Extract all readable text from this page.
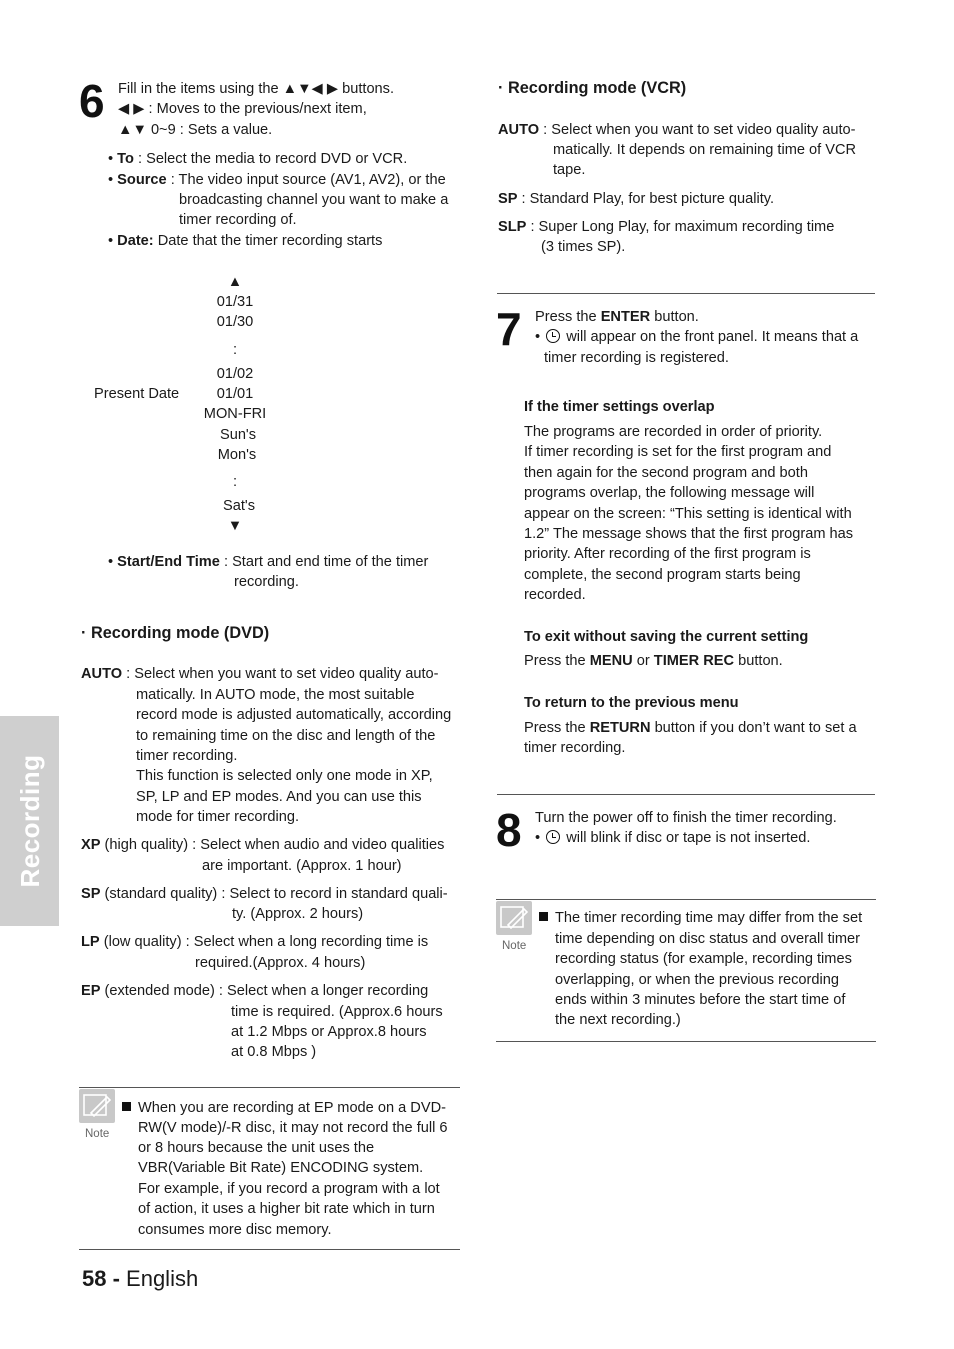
Recording
6 Fill in the items using the ▲▼◀ ▶ buttons.
◀ ▶ : Moves to the previous/next item,
▲▼ 0~9 : Sets a value.
• To : Select the media to record DVD or VCR.
• Source : The video input source (AV1, AV2), or the
broadcasting channel you want to make a
timer recording of.
• Date: Date that the timer recording starts
▲
01/31
01/30
:
01/02
01/01
Present Date
MON-FRI
Sun's
Mon's
:
Sat's
▼
• Start/End Time : Start and end time of the timer
recording.
· Recording mode (DVD)
AUTO : Select when you want to set video quality auto-
matically. In AUTO mode, the most suitable
record mode is adjusted automatically, according
to remaining time on the disc and length of the
timer recording.
This function is selected only one mode in XP,
SP, LP and EP modes. And you can use this
mode for timer recording.
XP (high quality) : Select when audio and video qualities
are important. (Approx. 1 hour)
SP (standard quality) : Select to record in standard quali-
ty. (Approx. 2 hours)
LP (low quality) : Select when a long recording time is
required.(Approx. 4 hours)
EP (extended mode) : Select when a longer recording
time is required. (Approx.6 hours
at 1.2 Mbps or Approx.8 hours
at 0.8 Mbps )
Note
When you are recording at EP mode on a DVD-
RW(V mode)/-R disc, it may not record the full 6
or 8 hours because the unit uses the
VBR(Variable Bit Rate) ENCODING system.
For example, if you record a program with a lot
of action, it uses a higher bit rate which in turn
consumes more disc memory.
58 - English
· Recording mode (VCR)
AUTO : Select when you want to set video quality auto-
matically. It depends on remaining time of VCR
tape.
SP : Standard Play, for best picture quality.
SLP : Super Long Play, for maximum recording time
(3 times SP).
7 Press the ENTER button.
•  will appear on the front panel. It means that a
timer recording is registered.
If the timer settings overlap
The programs are recorded in order of priority.
If timer recording is set for the first program and
then again for the second program and both
programs overlap, the following message will
appear on the screen: “This setting is identical with
1.2” The message shows that the first program has
priority. After recording of the first program is
complete, the second program starts being
recorded.
To exit without saving the current setting
Press the MENU or TIMER REC button.
To return to the previous menu
Press the RETURN button if you don’t want to set a
timer recording.
8 Turn the power off to finish the timer recording.
•  will blink if disc or tape is not inserted.
Note
The timer recording time may differ from the set
time depending on disc status and overall timer
recording status (for example, recording times
overlapping, or when the previous recording
ends within 3 minutes before the start time of
the next recording.)
